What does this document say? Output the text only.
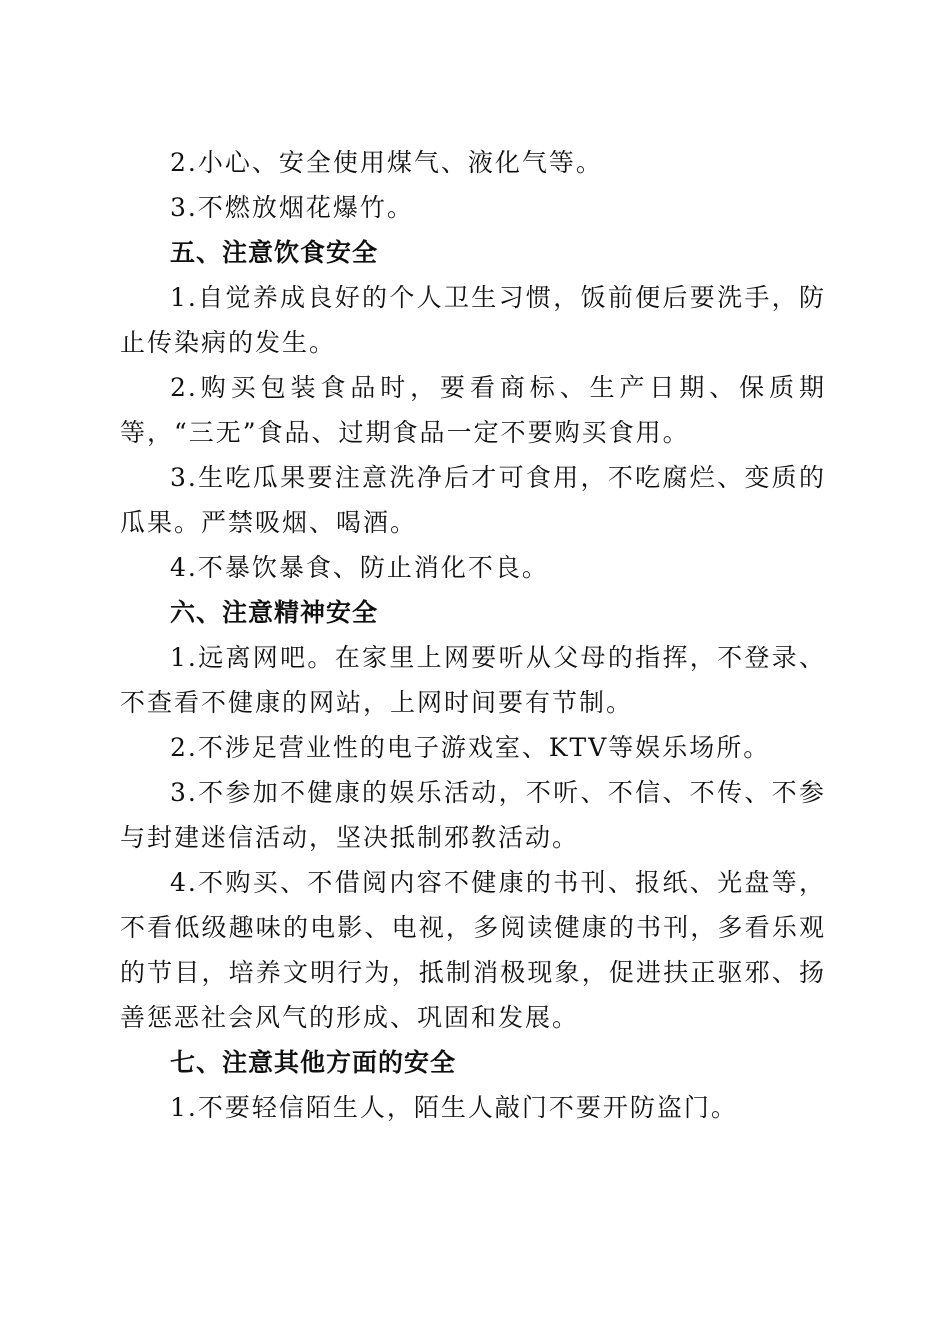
2.小心、安全使用煤气、液化气等。

3.不燃放烟花爆竹。

五、注意饮食安全

1.自觉养成良好的个人卫生习惯，饭前便后要洗手，防止传染病的发生。

2.购买包装食品时，要看商标、生产日期、保质期等，“三无”食品、过期食品一定不要购买食用。

3.生吃瓜果要注意洗净后才可食用，不吃腐烂、变质的瓜果。严禁吸烟、喝酒。

4.不暴饮暴食、防止消化不良。

六、注意精神安全

1.远离网吧。在家里上网要听从父母的指挥，不登录、不查看不健康的网站，上网时间要有节制。

2.不涉足营业性的电子游戏室、KTV等娱乐场所。

3.不参加不健康的娱乐活动，不听、不信、不传、不参与封建迷信活动，坚决抵制邪教活动。

4.不购买、不借阅内容不健康的书刊、报纸、光盘等，不看低级趣味的电影、电视，多阅读健康的书刊，多看乐观的节目，培养文明行为，抵制消极现象，促进扶正驱邪、扬善惩恶社会风气的形成、巩固和发展。

七、注意其他方面的安全

1.不要轻信陌生人，陌生人敲门不要开防盗门。
